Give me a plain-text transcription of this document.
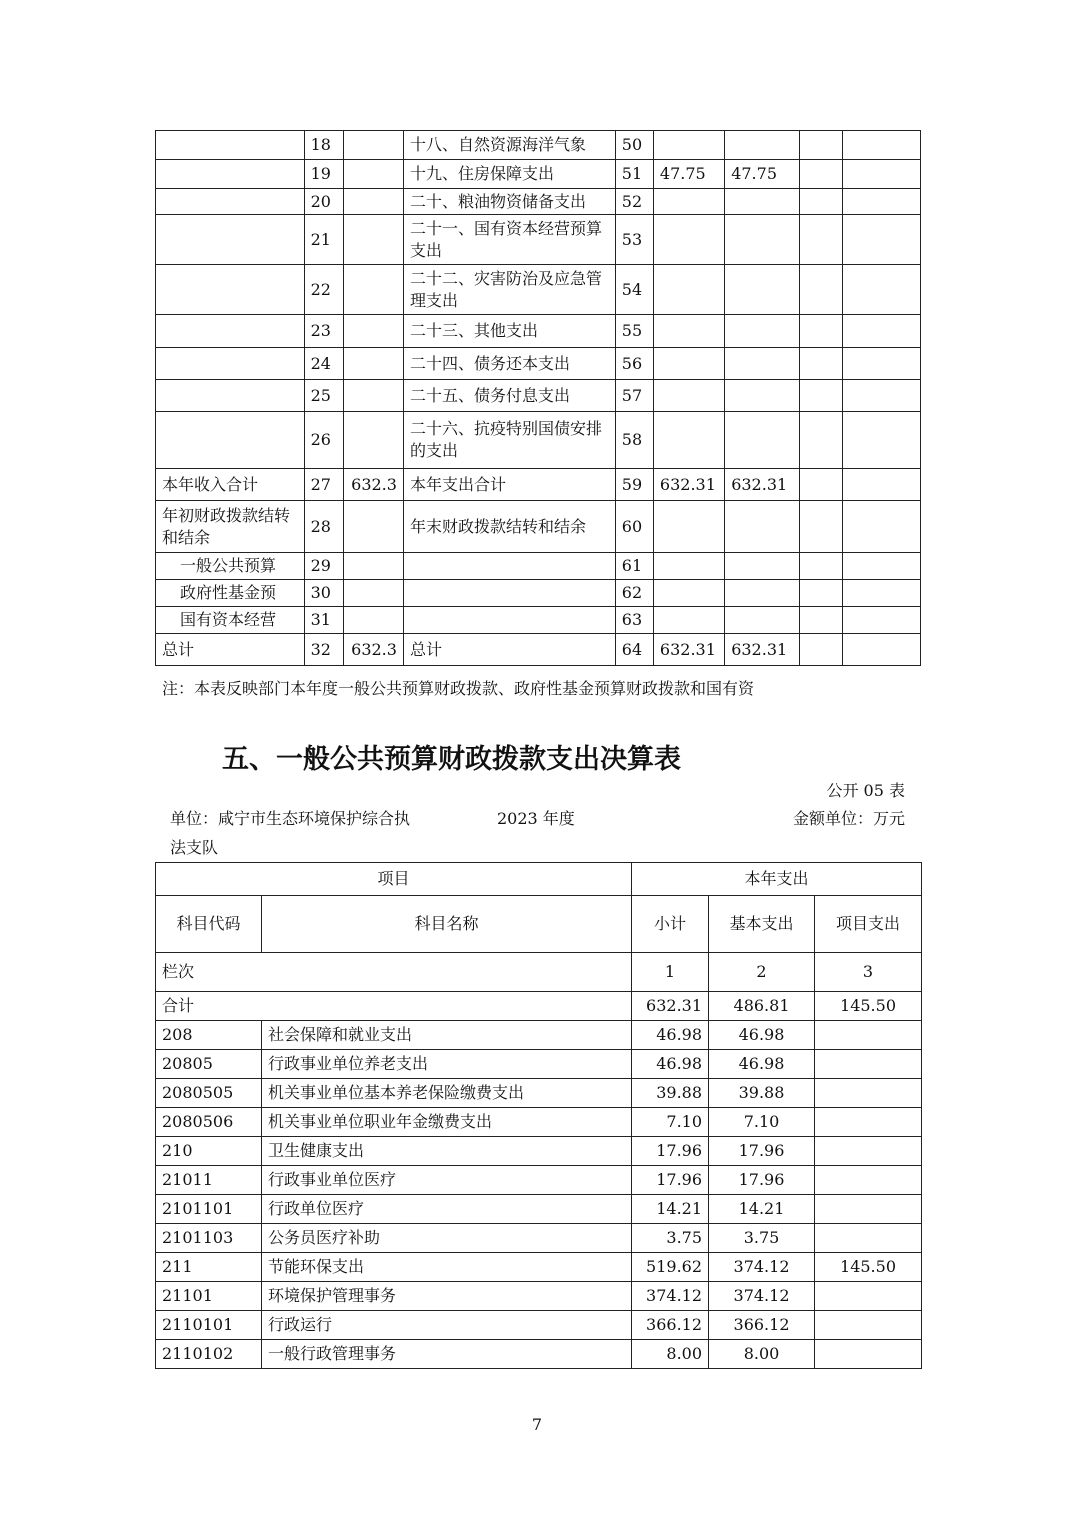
	18		十八、自然资源海洋气象	50				
	19		十九、住房保障支出	51	47.75	47.75		
	20		二十、粮油物资储备支出	52				
	21		二十一、国有资本经营预算支出	53				
	22		二十二、灾害防治及应急管理支出	54				
	23		二十三、其他支出	55				
	24		二十四、债务还本支出	56				
	25		二十五、债务付息支出	57				
	26		二十六、抗疫特别国债安排的支出	58				
本年收入合计	27	632.3	本年支出合计	59	632.31	632.31		
年初财政拨款结转和结余	28		年末财政拨款结转和结余	60				
一般公共预算	29			61				
政府性基金预	30			62				
国有资本经营	31			63				
总计	32	632.3	总计	64	632.31	632.31		
注：本表反映部门本年度一般公共预算财政拨款、政府性基金预算财政拨款和国有资
五、一般公共预算财政拨款支出决算表
公开 05 表
单位：咸宁市生态环境保护综合执
法支队
2023 年度	金额单位：万元
项目		本年支出		
科目代码	科目名称	小计	基本支出	项目支出
栏次		1	2	3
合计		632.31	486.81	145.50
208	社会保障和就业支出	46.98	46.98	
20805	行政事业单位养老支出	46.98	46.98	
2080505	机关事业单位基本养老保险缴费支出	39.88	39.88	
2080506	机关事业单位职业年金缴费支出	7.10	7.10	
210	卫生健康支出	17.96	17.96	
21011	行政事业单位医疗	17.96	17.96	
2101101	行政单位医疗	14.21	14.21	
2101103	公务员医疗补助	3.75	3.75	
211	节能环保支出	519.62	374.12	145.50
21101	环境保护管理事务	374.12	374.12	
2110101	行政运行	366.12	366.12	
2110102	一般行政管理事务	8.00	8.00	
7
